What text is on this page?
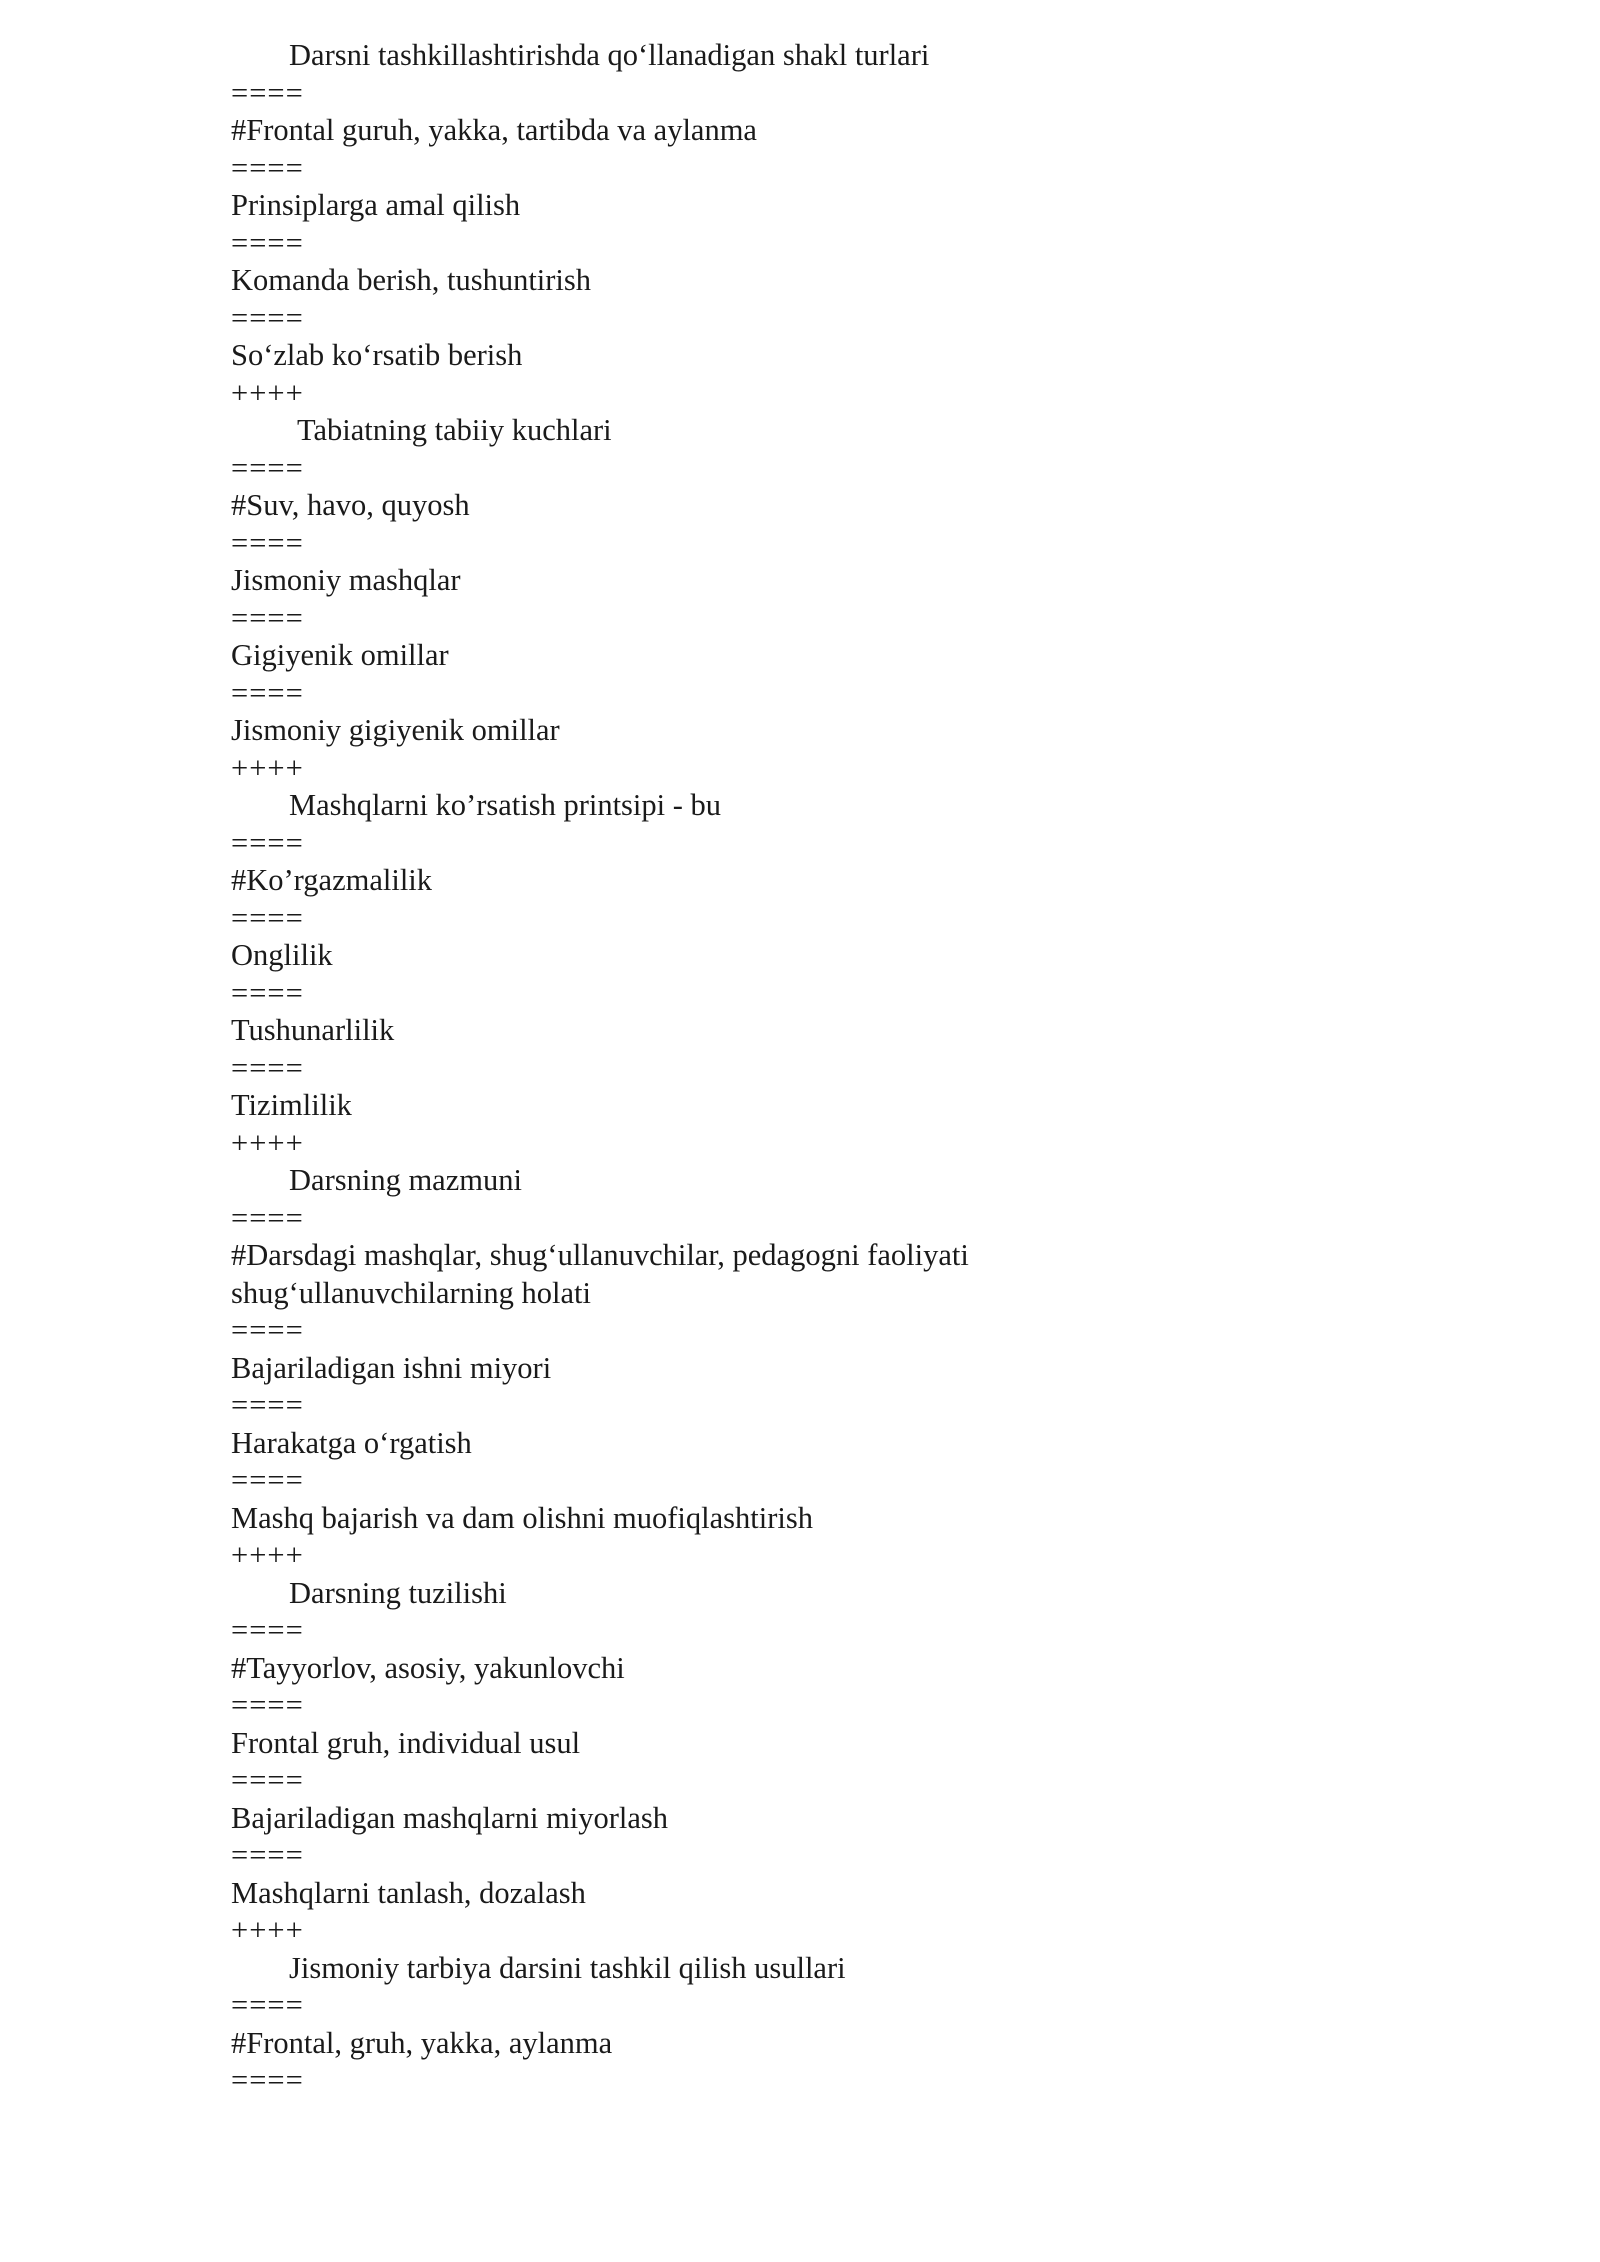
Darsni tashkillashtirishda qo‘llanadigan shakl turlari
====
#Frontal guruh, yakka, tartibda va aylanma
====
Prinsiplarga amal qilish
====
Komanda berish, tushuntirish
====
So‘zlab ko‘rsatib berish
++++
Tabiatning tabiiy kuchlari
====
#Suv, havo, quyosh
====
Jismoniy mashqlar
====
Gigiyenik omillar
====
Jismoniy gigiyenik omillar
++++
Mashqlarni ko’rsatish printsipi - bu
====
#Ko’rgazmalilik
====
Onglilik
====
Tushunarlilik
====
Tizimlilik
++++
Darsning mazmuni
====
#Darsdagi mashqlar, shug‘ullanuvchilar, pedagogni faoliyati
shug‘ullanuvchilarning holati
====
Bajariladigan ishni miyori
====
Harakatga o‘rgatish
====
Mashq bajarish va dam olishni muofiqlashtirish
++++
Darsning tuzilishi
====
#Tayyorlov, asosiy, yakunlovchi
====
Frontal gruh, individual usul
====
Bajariladigan mashqlarni miyorlash
====
Mashqlarni tanlash, dozalash
++++
Jismoniy tarbiya darsini tashkil qilish usullari
====
#Frontal, gruh, yakka, aylanma
====
